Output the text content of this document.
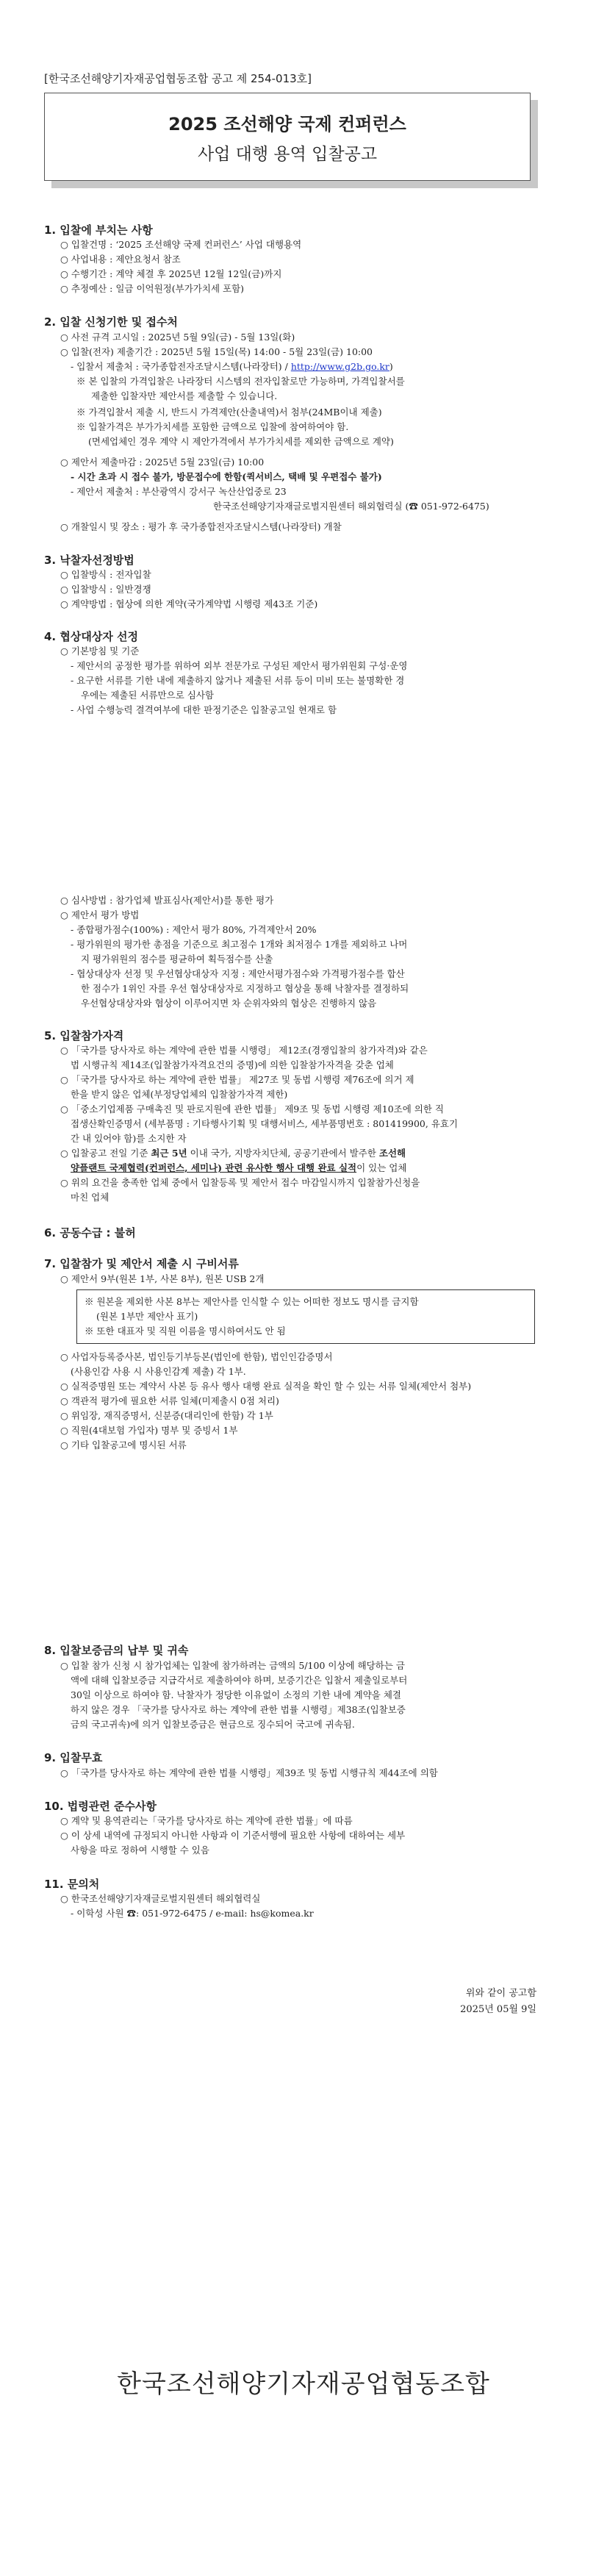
[한국조선해양기자재공업협동조합 공고 제 254-013호]
2025 조선해양 국제 컨퍼런스
사업 대행 용역 입찰공고
1. 입찰에 부치는 사항
○ 입찰건명 : ‘2025 조선해양 국제 컨퍼런스’ 사업 대행용역
○ 사업내용 : 제안요청서 참조
○ 수행기간 : 계약 체결 후 2025년 12월 12일(금)까지
○ 추정예산 : 일금 이억원정(부가가치세 포함)
2. 입찰 신청기한 및 접수처
○ 사전 규격 고시일 : 2025년 5월 9일(금) - 5월 13일(화)
○ 입찰(전자) 제출기간 : 2025년 5월 15일(목) 14:00 - 5월 23일(금) 10:00
- 입찰서 제출처 : 국가종합전자조달시스템(나라장터) / http://www.g2b.go.kr)
※ 본 입찰의 가격입찰은 나라장터 시스템의 전자입찰로만 가능하며, 가격입찰서를
제출한 입찰자만 제안서를 제출할 수 있습니다.
※ 가격입찰서 제출 시, 반드시 가격제안(산출내역)서 첨부(24MB이내 제출)
※ 입찰가격은 부가가치세를 포함한 금액으로 입찰에 참여하여야 함.
(면세업체인 경우 계약 시 제안가격에서 부가가치세를 제외한 금액으로 계약)
○ 제안서 제출마감 : 2025년 5월 23일(금) 10:00
- 시간 초과 시 접수 불가, 방문접수에 한함(퀵서비스, 택배 및 우편접수 불가)
- 제안서 제출처 : 부산광역시 강서구 녹산산업중로 23
한국조선해양기자재글로벌지원센터 해외협력실 (☎ 051-972-6475)
○ 개찰일시 및 장소 : 평가 후 국가종합전자조달시스템(나라장터) 개찰
3. 낙찰자선정방법
○ 입찰방식 : 전자입찰
○ 입찰방식 : 일반경쟁
○ 계약방법 : 협상에 의한 계약(국가계약법 시행령 제43조 기준)
4. 협상대상자 선정
○ 기본방침 및 기준
- 제안서의 공정한 평가를 위하여 외부 전문가로 구성된 제안서 평가위원회 구성·운영
- 요구한 서류를 기한 내에 제출하지 않거나 제출된 서류 등이 미비 또는 불명확한 경
우에는 제출된 서류만으로 심사함
- 사업 수행능력 결격여부에 대한 판정기준은 입찰공고일 현재로 함
○ 심사방법 : 참가업체 발표심사(제안서)를 통한 평가
○ 제안서 평가 방법
- 종합평가점수(100%) : 제안서 평가 80%, 가격제안서 20%
- 평가위원의 평가한 총점을 기준으로 최고점수 1개와 최저점수 1개를 제외하고 나머
지 평가위원의 점수를 평균하여 획득점수를 산출
- 협상대상자 선정 및 우선협상대상자 지정 : 제안서평가점수와 가격평가점수를 합산
한 점수가 1위인 자를 우선 협상대상자로 지정하고 협상을 통해 낙찰자를 결정하되
우선협상대상자와 협상이 이루어지면 차 순위자와의 협상은 진행하지 않음
5. 입찰참가자격
○ 「국가를 당사자로 하는 계약에 관한 법률 시행령」 제12조(경쟁입찰의 참가자격)와 같은
법 시행규칙 제14조(입찰참가자격요건의 증명)에 의한 입찰참가자격을 갖춘 업체
○ 「국가를 당사자로 하는 계약에 관한 법률」 제27조 및 동법 시행령 제76조에 의거 제
한을 받지 않은 업체(부정당업체의 입찰참가자격 제한)
○ 「중소기업제품 구매촉진 및 판로지원에 관한 법률」 제9조 및 동법 시행령 제10조에 의한 직
접생산확인증명서 (세부품명 : 기타행사기획 및 대행서비스, 세부품명번호 : 801419900, 유효기
간 내 있어야 함)를 소지한 자
○ 입찰공고 전일 기준 최근 5년 이내 국가, 지방자치단체, 공공기관에서 발주한 조선해
양플랜트 국제협력(컨퍼런스, 세미나) 관련 유사한 행사 대행 완료 실적이 있는 업체
○ 위의 요건을 충족한 업체 중에서 입찰등록 및 제안서 접수 마감일시까지 입찰참가신청을
마친 업체
6. 공동수급 : 불허
7. 입찰참가 및 제안서 제출 시 구비서류
○ 제안서 9부(원본 1부, 사본 8부), 원본 USB 2개
※ 원본을 제외한 사본 8부는 제안사를 인식할 수 있는 어떠한 정보도 명시를 금지함
(원본 1부만 제안사 표기)
※ 또한 대표자 및 직원 이름을 명시하여서도 안 됨
○ 사업자등록증사본, 법인등기부등본(법인에 한함), 법인인감증명서
(사용인감 사용 시 사용인감계 제출) 각 1부.
○ 실적증명원 또는 계약서 사본 등 유사 행사 대행 완료 실적을 확인 할 수 있는 서류 일체(제안서 첨부)
○ 객관적 평가에 필요한 서류 일체(미제출시 0점 처리)
○ 위임장, 재직증명서, 신분증(대리인에 한함) 각 1부
○ 직원(4대보험 가입자) 명부 및 증빙서 1부
○ 기타 입찰공고에 명시된 서류
8. 입찰보증금의 납부 및 귀속
○ 입찰 참가 신청 시 참가업체는 입찰에 참가하려는 금액의 5/100 이상에 해당하는 금
액에 대해 입찰보증금 지급각서로 제출하여야 하며, 보증기간은 입찰서 제출일로부터
30일 이상으로 하여야 함. 낙찰자가 정당한 이유없이 소정의 기한 내에 계약을 체결
하지 않은 경우 「국가를 당사자로 하는 계약에 관한 법률 시행령」제38조(입찰보증
금의 국고귀속)에 의거 입찰보증금은 현금으로 징수되어 국고에 귀속됨.
9. 입찰무효
○ 「국가를 당사자로 하는 계약에 관한 법률 시행령」제39조 및 동법 시행규칙 제44조에 의함
10. 법령관련 준수사항
○ 계약 및 용역관리는「국가를 당사자로 하는 계약에 관한 법률」에 따름
○ 이 상세 내역에 규정되지 아니한 사항과 이 기준서행에 필요한 사항에 대하여는 세부
사항을 따로 정하여 시행할 수 있음
11. 문의처
○ 한국조선해양기자재글로벌지원센터 해외협력실
- 이학성 사원 ☎: 051-972-6475 / e-mail: hs@komea.kr
위와 같이 공고함
2025년 05월 9일
한국조선해양기자재공업협동조합
